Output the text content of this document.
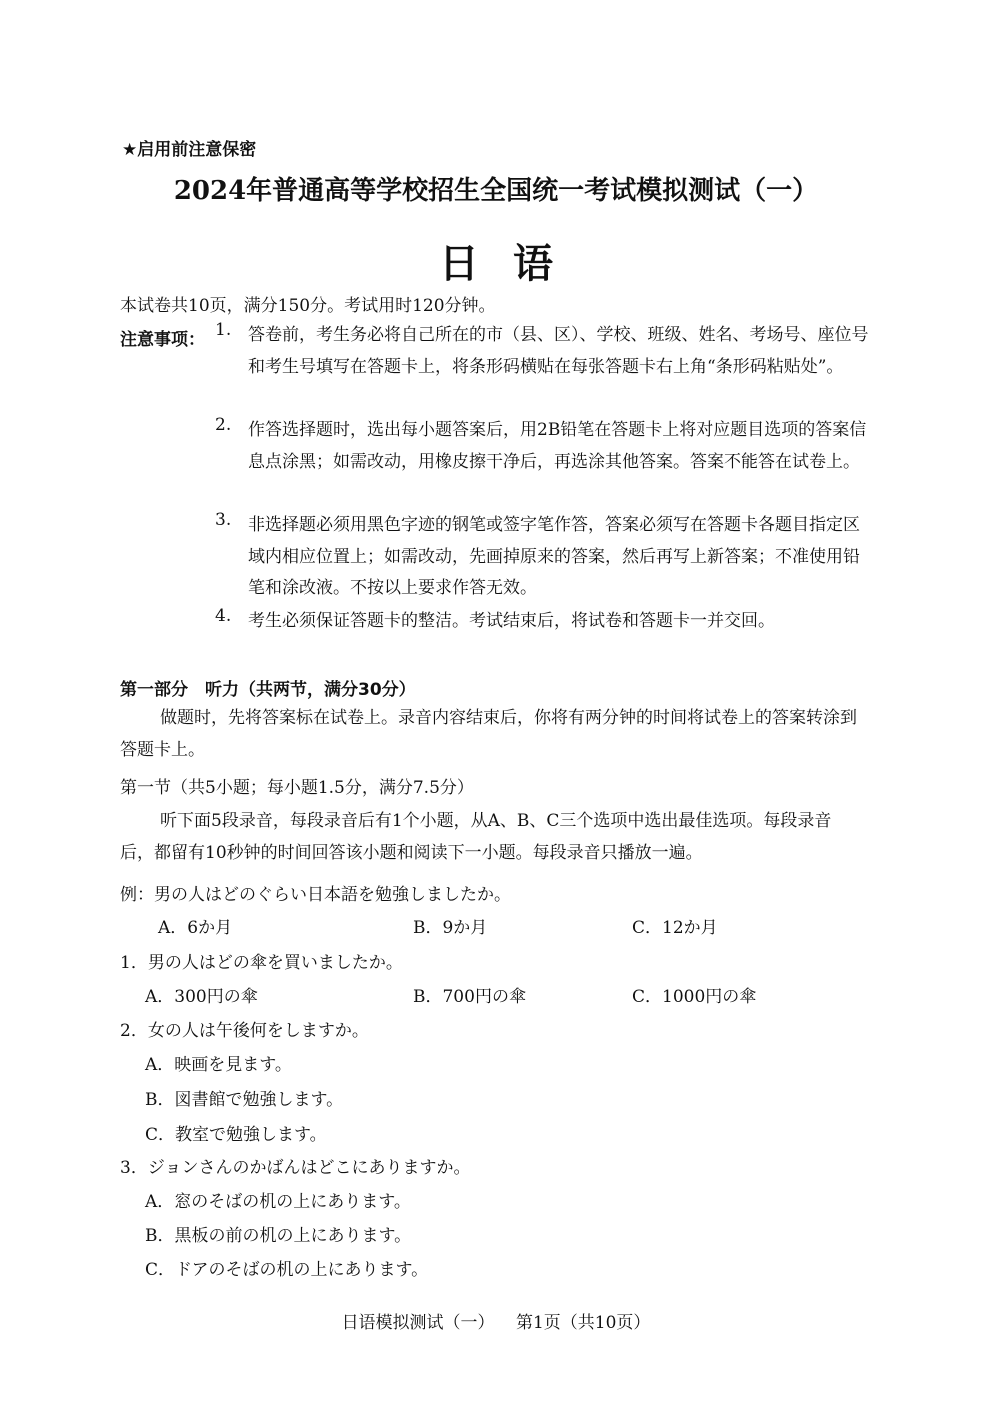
★启用前注意保密
2024年普通高等学校招生全国统一考试模拟测试（一）
日语
本试卷共10页，满分150分。考试用时120分钟。
注意事项： 1. 答卷前，考生务必将自己所在的市（县、区）、学校、班级、姓名、考场号、座位号和考生号填写在答题卡上，将条形码横贴在每张答题卡右上角“条形码粘贴处”。
2. 作答选择题时，选出每小题答案后，用2B铅笔在答题卡上将对应题目选项的答案信息点涂黑；如需改动，用橡皮擦干净后，再选涂其他答案。答案不能答在试卷上。
3. 非选择题必须用黑色字迹的钢笔或签字笔作答，答案必须写在答题卡各题目指定区域内相应位置上；如需改动，先画掉原来的答案，然后再写上新答案；不准使用铅笔和涂改液。不按以上要求作答无效。
4. 考生必须保证答题卡的整洁。考试结束后，将试卷和答题卡一并交回。
第一部分　听力（共两节，满分30分）
做题时，先将答案标在试卷上。录音内容结束后，你将有两分钟的时间将试卷上的答案转涂到答题卡上。
第一节（共5小题；每小题1.5分，满分7.5分）
听下面5段录音，每段录音后有1个小题，从A、B、C三个选项中选出最佳选项。每段录音后，都留有10秒钟的时间回答该小题和阅读下一小题。每段录音只播放一遍。
例：男の人はどのぐらい日本語を勉強しましたか。
A．6か月	B．9か月	C．12か月
1．男の人はどの傘を買いましたか。
A．300円の傘	B．700円の傘	C．1000円の傘
2．女の人は午後何をしますか。
A．映画を見ます。
B．図書館で勉強します。
C．教室で勉強します。
3．ジョンさんのかばんはどこにありますか。
A．窓のそばの机の上にあります。
B．黒板の前の机の上にあります。
C．ドアのそばの机の上にあります。
日语模拟测试（一） 第1页（共10页）
